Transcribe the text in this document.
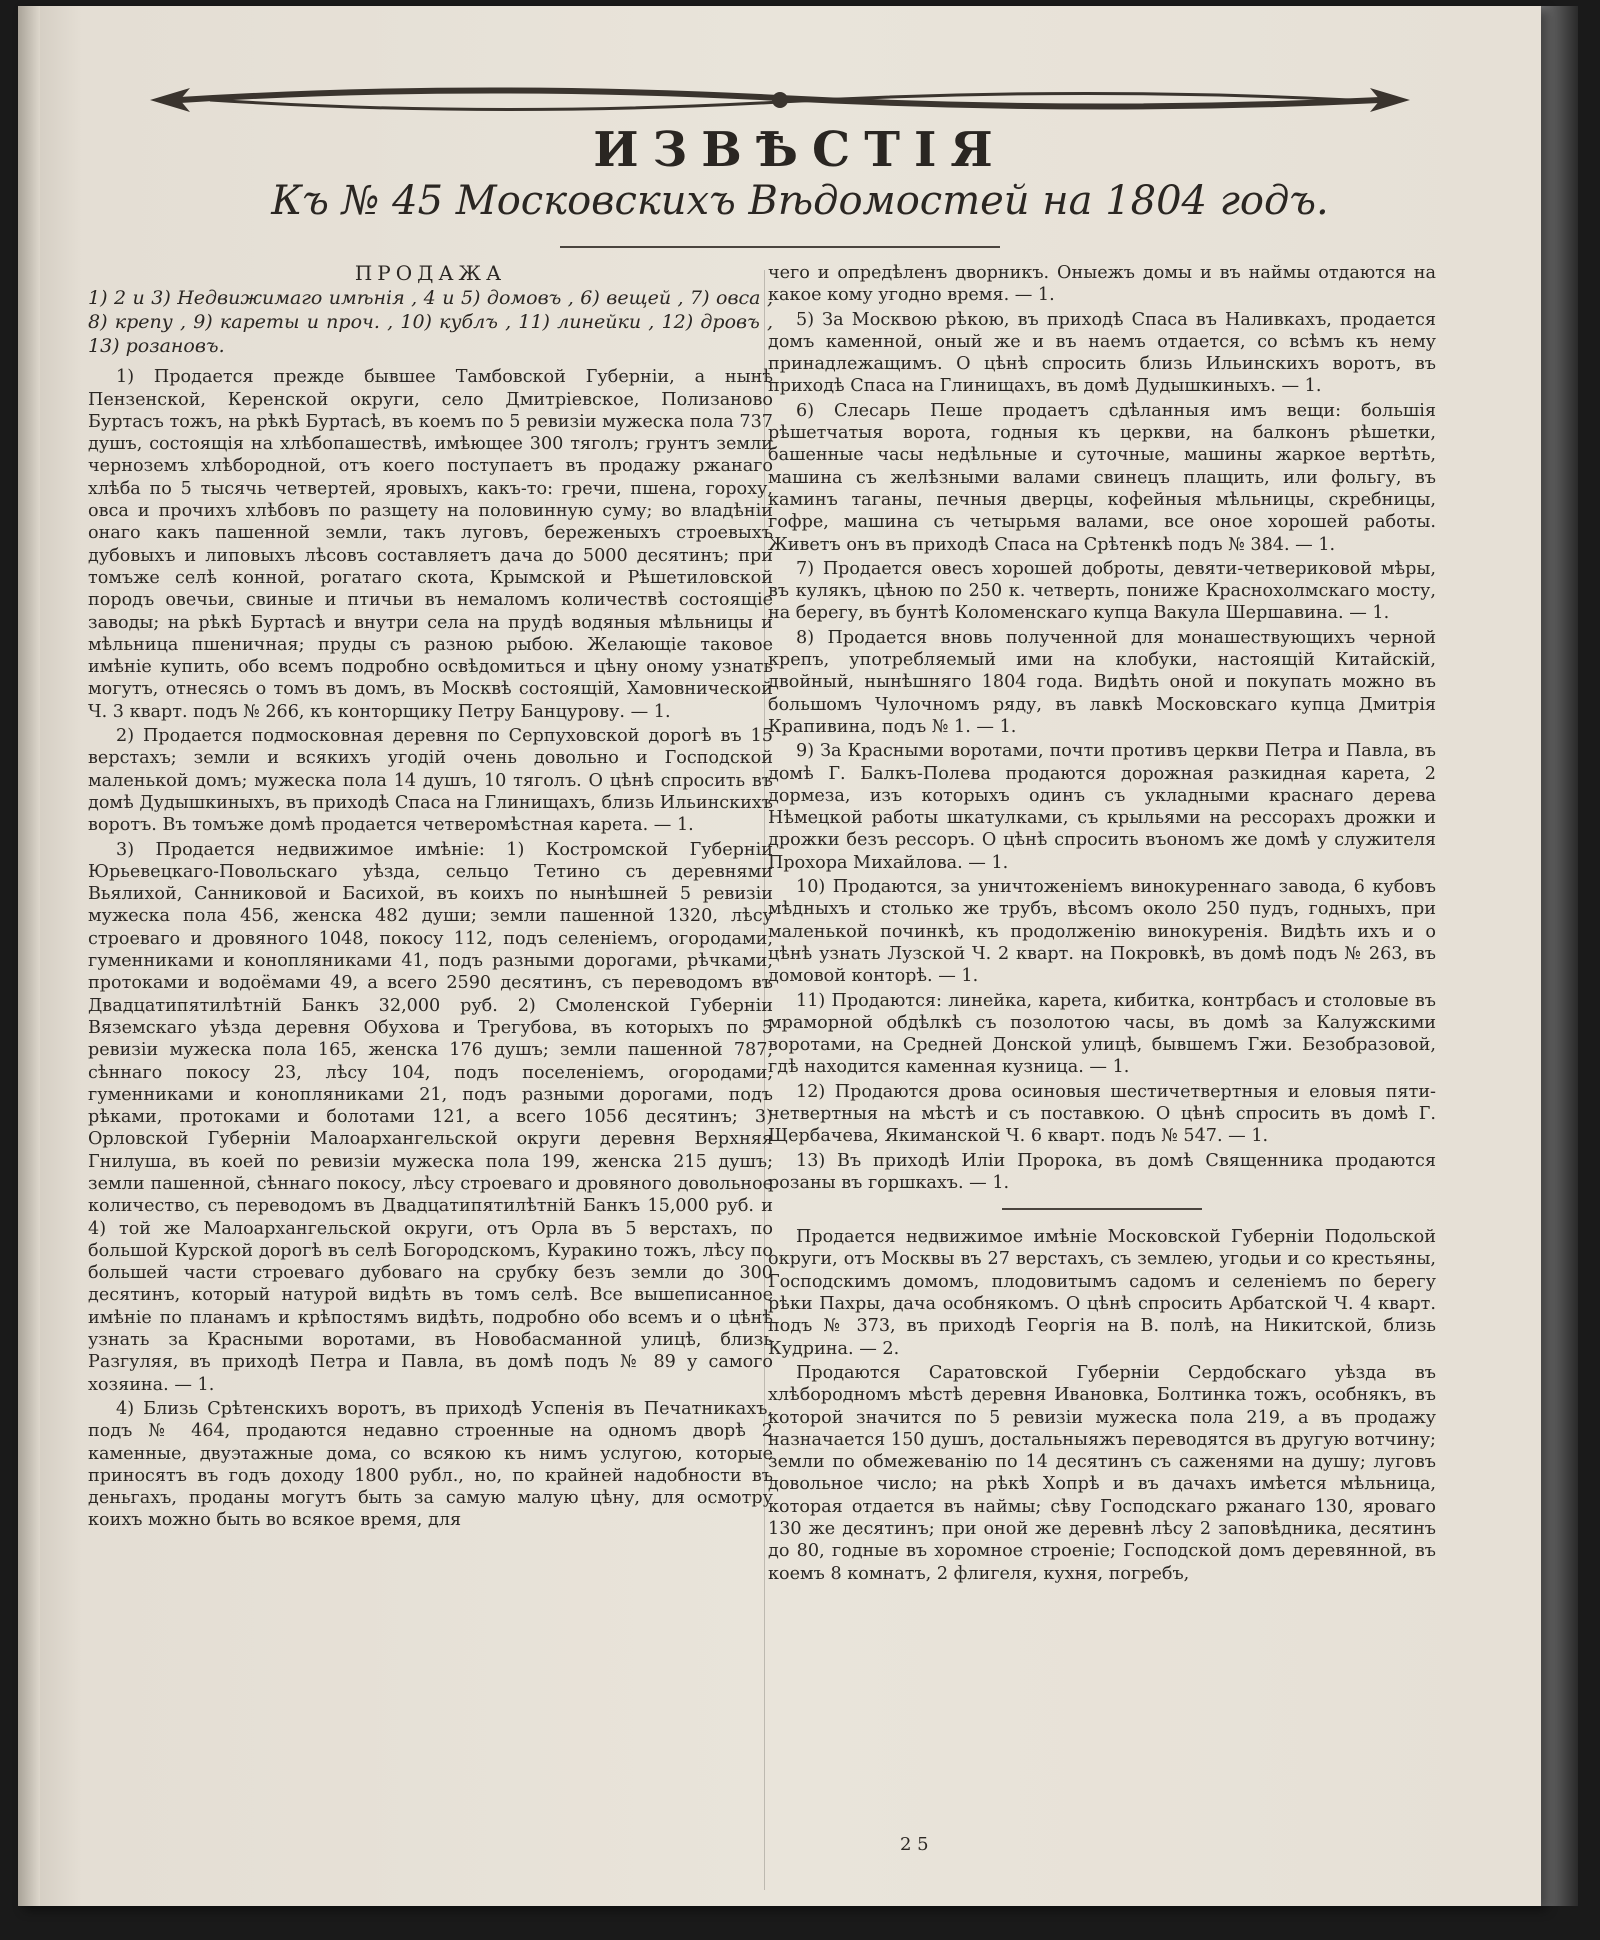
ИЗВѢСТІЯ
Къ № 45 Московскихъ Вѣдомостей на 1804 годъ.

ПРОДАЖА

1) 2 и 3) Недвижимаго имѣнія , 4 и 5) домовъ , 6) вещей , 7) овса , 8) крепу , 9) кареты и проч. , 10) кублъ , 11) линейки , 12) дровъ , 13) розановъ.

1) Продается прежде бывшее Тамбовской Губерніи, а нынѣ Пензенской, Керенской округи, село Дмитріевское, Полизаново Буртасъ тожъ, на рѣкѣ Буртасѣ, въ коемъ по 5 ревизіи мужеска пола 737 душъ, состоящія на хлѣбопашествѣ, имѣющее 300 тяголъ; грунтъ земли черноземъ хлѣбородной, отъ коего поступаетъ въ продажу ржанаго хлѣба по 5 тысячь четвертей, яровыхъ, какъ-то: гречи, пшена, гороху, овса и прочихъ хлѣбовъ по разщету на половинную суму; во владѣніи онаго какъ пашенной земли, такъ луговъ, береженыхъ строевыхъ дубовыхъ и липовыхъ лѣсовъ составляетъ дача до 5000 десятинъ; при томъже селѣ конной, рогатаго скота, Крымской и Рѣшетиловской породъ овечьи, свиные и птичьи въ немаломъ количествѣ состоящіе заводы; на рѣкѣ Буртасѣ и внутри села на прудѣ водяныя мѣльницы и мѣльница пшеничная; пруды съ разною рыбою. Желающіе таковое имѣніе купить, обо всемъ подробно освѣдомиться и цѣну оному узнать могутъ, отнесясь о томъ въ домъ, въ Москвѣ состоящій, Хамовнической Ч. 3 кварт. подъ № 266, къ конторщику Петру Банцурову. — 1.

2) Продается подмосковная деревня по Серпуховской дорогѣ въ 15 верстахъ; земли и всякихъ угодій очень довольно и Господской маленькой домъ; мужеска пола 14 душъ, 10 тяголъ. О цѣнѣ спросить въ домѣ Дудышкиныхъ, въ приходѣ Спаса на Глинищахъ, близь Ильинскихъ воротъ. Въ томъже домѣ продается четверомѣстная карета. — 1.

3) Продается недвижимое имѣніе: 1) Костромской Губерніи Юрьевецкаго-Повольскаго уѣзда, сельцо Тетино съ деревнями Вьялихой, Санниковой и Басихой, въ коихъ по нынѣшней 5 ревизіи мужеска пола 456, женска 482 души; земли пашенной 1320, лѣсу строеваго и дровяного 1048, покосу 112, подъ селеніемъ, огородами, гуменниками и конопляниками 41, подъ разными дорогами, рѣчками, протоками и водоёмами 49, а всего 2590 десятинъ, съ переводомъ въ Двадцатипятилѣтній Банкъ 32,000 руб. 2) Смоленской Губерніи Вяземскаго уѣзда деревня Обухова и Трегубова, въ которыхъ по 5 ревизіи мужеска пола 165, женска 176 душъ; земли пашенной 787, сѣннаго покосу 23, лѣсу 104, подъ поселеніемъ, огородами, гуменниками и конопляниками 21, подъ разными дорогами, подъ рѣками, протоками и болотами 121, а всего 1056 десятинъ; 3) Орловской Губерніи Малоархангельской округи деревня Верхняя Гнилуша, въ коей по ревизіи мужеска пола 199, женска 215 душъ; земли пашенной, сѣннаго покосу, лѣсу строеваго и дровяного довольное количество, съ переводомъ въ Двадцатипятилѣтній Банкъ 15,000 руб. и 4) той же Малоархангельской округи, отъ Орла въ 5 верстахъ, по большой Курской дорогѣ въ селѣ Богородскомъ, Куракино тожъ, лѣсу по большей части строеваго дубоваго на срубку безъ земли до 300 десятинъ, который натурой видѣть въ томъ селѣ. Все вышеписанное имѣніе по планамъ и крѣпостямъ видѣть, подробно обо всемъ и о цѣнѣ узнать за Красными воротами, въ Новобасманной улицѣ, близь Разгуляя, въ приходѣ Петра и Павла, въ домѣ подъ № 89 у самого хозяина. — 1.

4) Близь Срѣтенскихъ воротъ, въ приходѣ Успенія въ Печатникахъ, подъ № 464, продаются недавно строенные на одномъ дворѣ 2 каменные, двуэтажные дома, со всякою къ нимъ услугою, которые приносятъ въ годъ доходу 1800 рубл., но, по крайней надобности въ деньгахъ, проданы могутъ быть за самую малую цѣну, для осмотру коихъ можно быть во всякое время, для

чего и опредѣленъ дворникъ. Оныежъ домы и въ наймы отдаются на какое кому угодно время. — 1.

5) За Москвою рѣкою, въ приходѣ Спаса въ Наливкахъ, продается домъ каменной, оный же и въ наемъ отдается, со всѣмъ къ нему принадлежащимъ. О цѣнѣ спросить близь Ильинскихъ воротъ, въ приходѣ Спаса на Глинищахъ, въ домѣ Дудышкиныхъ. — 1.

6) Слесарь Пеше продаетъ сдѣланныя имъ вещи: большія рѣшетчатыя ворота, годныя къ церкви, на балконъ рѣшетки, башенные часы недѣльные и суточные, машины жаркое вертѣть, машина съ желѣзными валами свинецъ плащить, или фольгу, въ каминъ таганы, печныя дверцы, кофейныя мѣльницы, скребницы, гофре, машина съ четырьмя валами, все оное хорошей работы. Живетъ онъ въ приходѣ Спаса на Срѣтенкѣ подъ № 384. — 1.

7) Продается овесъ хорошей доброты, девяти-четвериковой мѣры, въ кулякъ, цѣною по 250 к. четверть, пониже Краснохолмскаго мосту, на берегу, въ бунтѣ Коломенскаго купца Вакула Шершавина. — 1.

8) Продается вновь полученной для монашествующихъ черной крепъ, употребляемый ими на клобуки, настоящій Китайскій, двойный, нынѣшняго 1804 года. Видѣть оной и покупать можно въ большомъ Чулочномъ ряду, въ лавкѣ Московскаго купца Дмитрія Крапивина, подъ № 1. — 1.

9) За Красными воротами, почти противъ церкви Петра и Павла, въ домѣ Г. Балкъ-Полева продаются дорожная разкидная карета, 2 дормеза, изъ которыхъ одинъ съ укладными краснаго дерева Нѣмецкой работы шкатулками, съ крыльями на рессорахъ дрожки и дрожки безъ рессоръ. О цѣнѣ спросить въономъ же домѣ у служителя Прохора Михайлова. — 1.

10) Продаются, за уничтоженіемъ винокуреннаго завода, 6 кубовъ мѣдныхъ и столько же трубъ, вѣсомъ около 250 пудъ, годныхъ, при маленькой починкѣ, къ продолженію винокуренія. Видѣть ихъ и о цѣнѣ узнать Лузской Ч. 2 кварт. на Покровкѣ, въ домѣ подъ № 263, въ домовой конторѣ. — 1.

11) Продаются: линейка, карета, кибитка, контрбасъ и столовые въ мраморной обдѣлкѣ съ позолотою часы, въ домѣ за Калужскими воротами, на Средней Донской улицѣ, бывшемъ Гжи. Безобразовой, гдѣ находится каменная кузница. — 1.

12) Продаются дрова осиновыя шестичетвертныя и еловыя пяти-четвертныя на мѣстѣ и съ поставкою. О цѣнѣ спросить въ домѣ Г. Щербачева, Якиманской Ч. 6 кварт. подъ № 547. — 1.

13) Въ приходѣ Иліи Пророка, въ домѣ Священника продаются розаны въ горшкахъ. — 1.

Продается недвижимое имѣніе Московской Губерніи Подольской округи, отъ Москвы въ 27 верстахъ, съ землею, угодьи и со крестьяны, Господскимъ домомъ, плодовитымъ садомъ и селеніемъ по берегу рѣки Пахры, дача особнякомъ. О цѣнѣ спросить Арбатской Ч. 4 кварт. подъ № 373, въ приходѣ Георгія на В. полѣ, на Никитской, близь Кудрина. — 2.

Продаются Саратовской Губерніи Сердобскаго уѣзда въ хлѣбородномъ мѣстѣ деревня Ивановка, Болтинка тожъ, особнякъ, въ которой значится по 5 ревизіи мужеска пола 219, а въ продажу назначается 150 душъ, достальныяжъ переводятся въ другую вотчину; земли по обмежеванію по 14 десятинъ съ саженями на душу; луговъ довольное число; на рѣкѣ Хопрѣ и въ дачахъ имѣется мѣльница, которая отдается въ наймы; сѣву Господскаго ржанаго 130, яроваго 130 же десятинъ; при оной же деревнѣ лѣсу 2 заповѣдника, десятинъ до 80, годные въ хоромное строеніе; Господской домъ деревянной, въ коемъ 8 комнатъ, 2 флигеля, кухня, погребъ,

2 5
